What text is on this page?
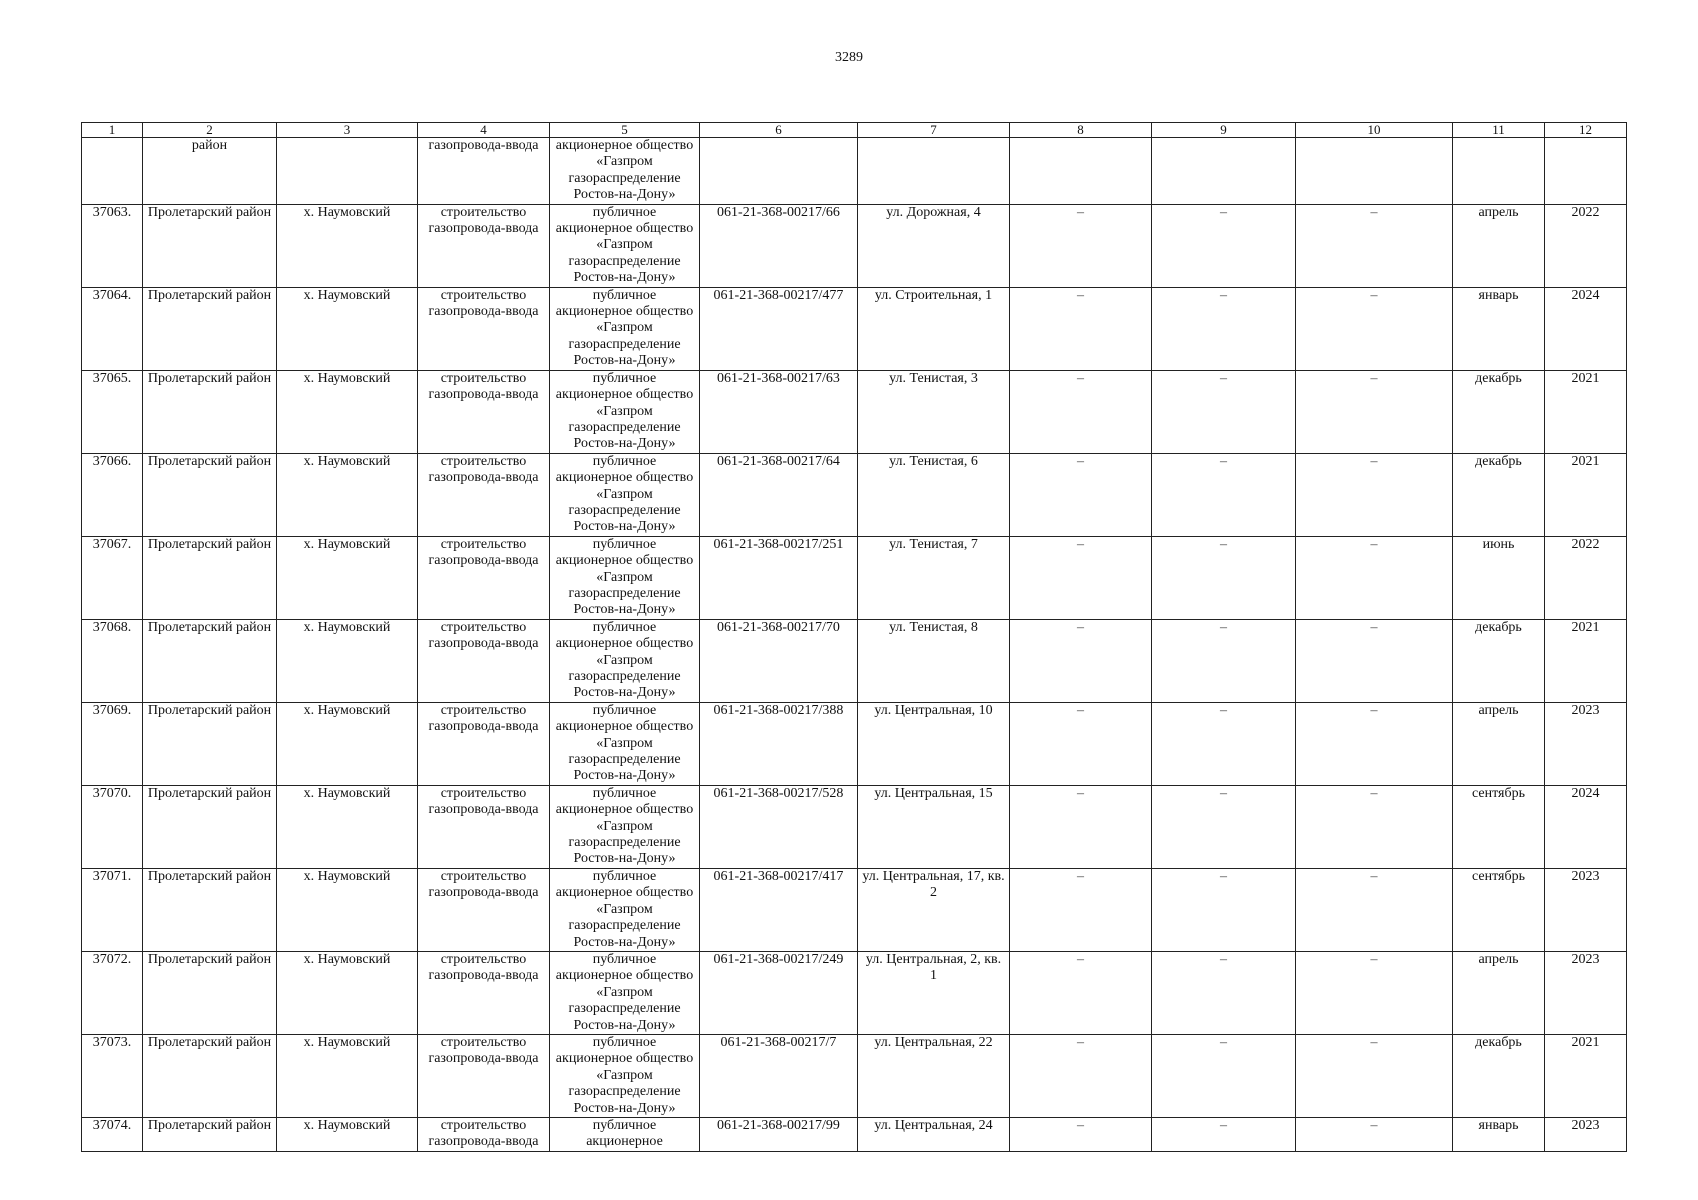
3289
1	2	3	4	5	6	7	8	9	10	11	12
	район		газопровода-ввода	акционерное общество «Газпром газораспределение Ростов-на-Дону»							
37063.	Пролетарский район	х. Наумовский	строительство газопровода-ввода	публичное акционерное общество «Газпром газораспределение Ростов-на-Дону»	061-21-368-00217/66	ул. Дорожная, 4	–	–	–	апрель	2022
37064.	Пролетарский район	х. Наумовский	строительство газопровода-ввода	публичное акционерное общество «Газпром газораспределение Ростов-на-Дону»	061-21-368-00217/477	ул. Строительная, 1	–	–	–	январь	2024
37065.	Пролетарский район	х. Наумовский	строительство газопровода-ввода	публичное акционерное общество «Газпром газораспределение Ростов-на-Дону»	061-21-368-00217/63	ул. Тенистая, 3	–	–	–	декабрь	2021
37066.	Пролетарский район	х. Наумовский	строительство газопровода-ввода	публичное акционерное общество «Газпром газораспределение Ростов-на-Дону»	061-21-368-00217/64	ул. Тенистая, 6	–	–	–	декабрь	2021
37067.	Пролетарский район	х. Наумовский	строительство газопровода-ввода	публичное акционерное общество «Газпром газораспределение Ростов-на-Дону»	061-21-368-00217/251	ул. Тенистая, 7	–	–	–	июнь	2022
37068.	Пролетарский район	х. Наумовский	строительство газопровода-ввода	публичное акционерное общество «Газпром газораспределение Ростов-на-Дону»	061-21-368-00217/70	ул. Тенистая, 8	–	–	–	декабрь	2021
37069.	Пролетарский район	х. Наумовский	строительство газопровода-ввода	публичное акционерное общество «Газпром газораспределение Ростов-на-Дону»	061-21-368-00217/388	ул. Центральная, 10	–	–	–	апрель	2023
37070.	Пролетарский район	х. Наумовский	строительство газопровода-ввода	публичное акционерное общество «Газпром газораспределение Ростов-на-Дону»	061-21-368-00217/528	ул. Центральная, 15	–	–	–	сентябрь	2024
37071.	Пролетарский район	х. Наумовский	строительство газопровода-ввода	публичное акционерное общество «Газпром газораспределение Ростов-на-Дону»	061-21-368-00217/417	ул. Центральная, 17, кв. 2	–	–	–	сентябрь	2023
37072.	Пролетарский район	х. Наумовский	строительство газопровода-ввода	публичное акционерное общество «Газпром газораспределение Ростов-на-Дону»	061-21-368-00217/249	ул. Центральная, 2, кв. 1	–	–	–	апрель	2023
37073.	Пролетарский район	х. Наумовский	строительство газопровода-ввода	публичное акционерное общество «Газпром газораспределение Ростов-на-Дону»	061-21-368-00217/7	ул. Центральная, 22	–	–	–	декабрь	2021
37074.	Пролетарский район	х. Наумовский	строительство газопровода-ввода	публичное акционерное	061-21-368-00217/99	ул. Центральная, 24	–	–	–	январь	2023
